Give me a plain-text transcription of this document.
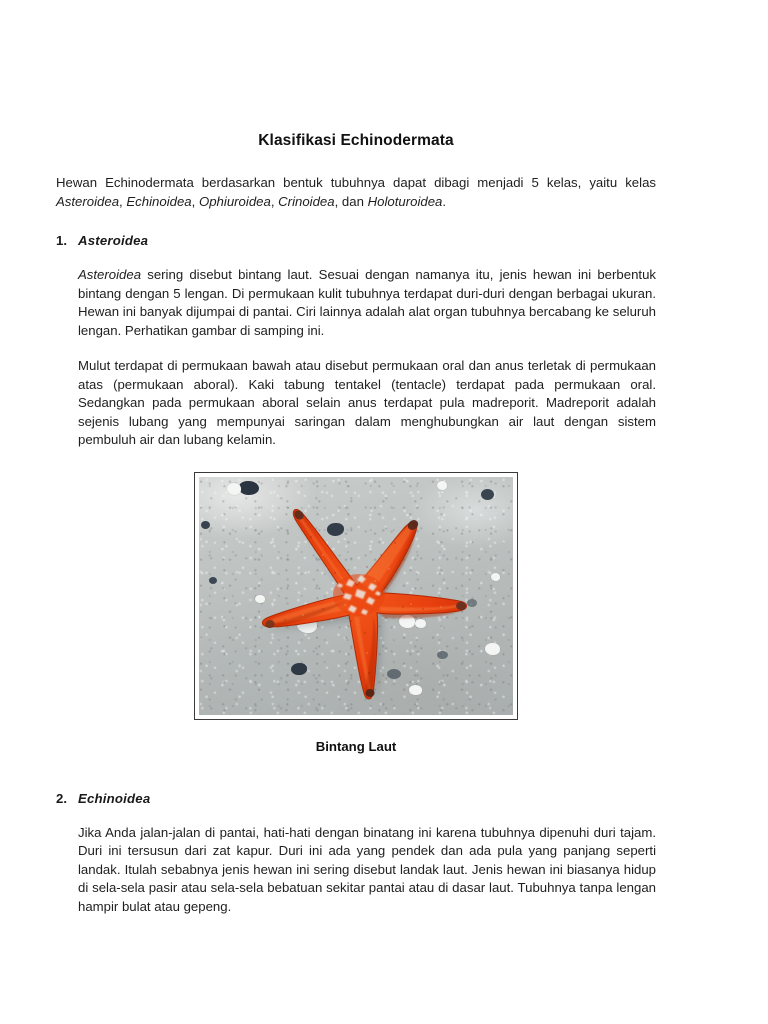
Klasifikasi Echinodermata

Hewan Echinodermata berdasarkan bentuk tubuhnya dapat dibagi menjadi 5 kelas, yaitu kelas Asteroidea, Echinoidea, Ophiuroidea, Crinoidea, dan Holoturoidea.

1. Asteroidea

Asteroidea sering disebut bintang laut. Sesuai dengan namanya itu, jenis hewan ini berbentuk bintang dengan 5 lengan. Di permukaan kulit tubuhnya terdapat duri-duri dengan berbagai ukuran. Hewan ini banyak dijumpai di pantai. Ciri lainnya adalah alat organ tubuhnya bercabang ke seluruh lengan. Perhatikan gambar di samping ini.

Mulut terdapat di permukaan bawah atau disebut permukaan oral dan anus terletak di permukaan atas (permukaan aboral). Kaki tabung tentakel (tentacle) terdapat pada permukaan oral. Sedangkan pada permukaan aboral selain anus terdapat pula madreporit. Madreporit adalah sejenis lubang yang mempunyai saringan dalam menghubungkan air laut dengan sistem pembuluh air dan lubang kelamin.

Bintang Laut
2. Echinoidea

Jika Anda jalan-jalan di pantai, hati-hati dengan binatang ini karena tubuhnya dipenuhi duri tajam. Duri ini tersusun dari zat kapur. Duri ini ada yang pendek dan ada pula yang panjang seperti landak. Itulah sebabnya jenis hewan ini sering disebut landak laut. Jenis hewan ini biasanya hidup di sela-sela pasir atau sela-sela bebatuan sekitar pantai atau di dasar laut. Tubuhnya tanpa lengan hampir bulat atau gepeng.
